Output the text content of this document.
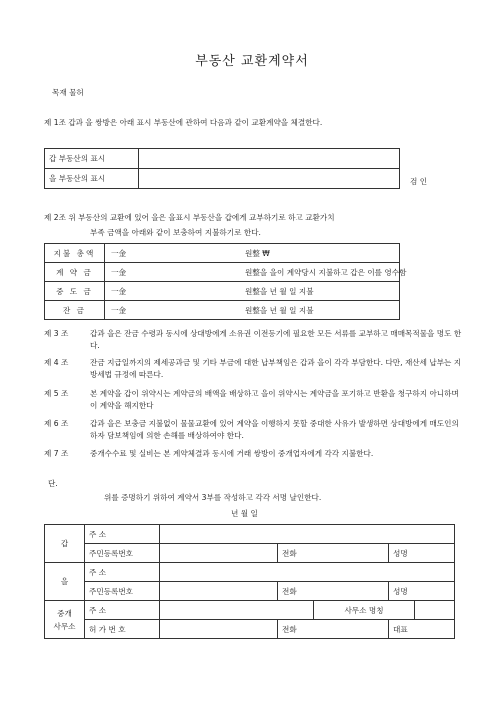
부동산 교환계약서
목재 물허
제 1조 갑과 을 쌍방은 아래 표시 부동산에 관하여 다음과 같이 교환계약을 체결한다.
갑 부동산의 표시	
을 부동산의 표시		검 인
제 2조 위 부동산의 교환에 있어 을은 을표시 부동산을 갑에게 교부하기로 하고 교환가치
부족 금액을 아래와 같이 보충하여 지불하기로 한다.
지불 총액	一金 원整 ₩

계 약 금	一金 원整을 을이 계약당시 지불하고 갑은 이를 영수함

중 도 금	一金 원整을 년 월 일 지불

잔 금	一金 원整을 년 월 일 지불
제 3 조	갑과 을은 잔금 수령과 동시에 상대방에게 소유권 이전등기에 필요한 모든 서류를 교부하고 매매목적물을 명도 한다.
제 4 조	잔금 지급일까지의 제세공과금 및 기타 부금에 대한 납부책임은 갑과 을이 각각 부담한다. 다만, 재산세 납부는 지방세법 규정에 따른다.
제 5 조	본 계약을 갑이 위약시는 계약금의 배액을 배상하고 을이 위약시는 계약금을 포기하고 반환을 청구하지 아니하며 이 계약을 해지한다
제 6 조	갑과 을은 보충금 지불없이 물물교환에 있어 계약을 이행하지 못할 중대한 사유가 발생하면 상대방에게 매도인의 하자 담보책임에 의한 손해를 배상하여야 한다.
제 7 조	중개수수료 및 실비는 본 계약체결과 동시에 거래 쌍방이 중개업자에게 각각 지불한다.
단.
위를 증명하기 위하여 계약서 3부를 작성하고 각각 서명 날인한다.
년 월 일
갑	주 소					
	주민등록번호		전화		성명	
을	주 소					
	주민등록번호		전화		성명	
중개
사무소	주 소			사무소 명칭		
	허 가 번 호		전화		대표	
